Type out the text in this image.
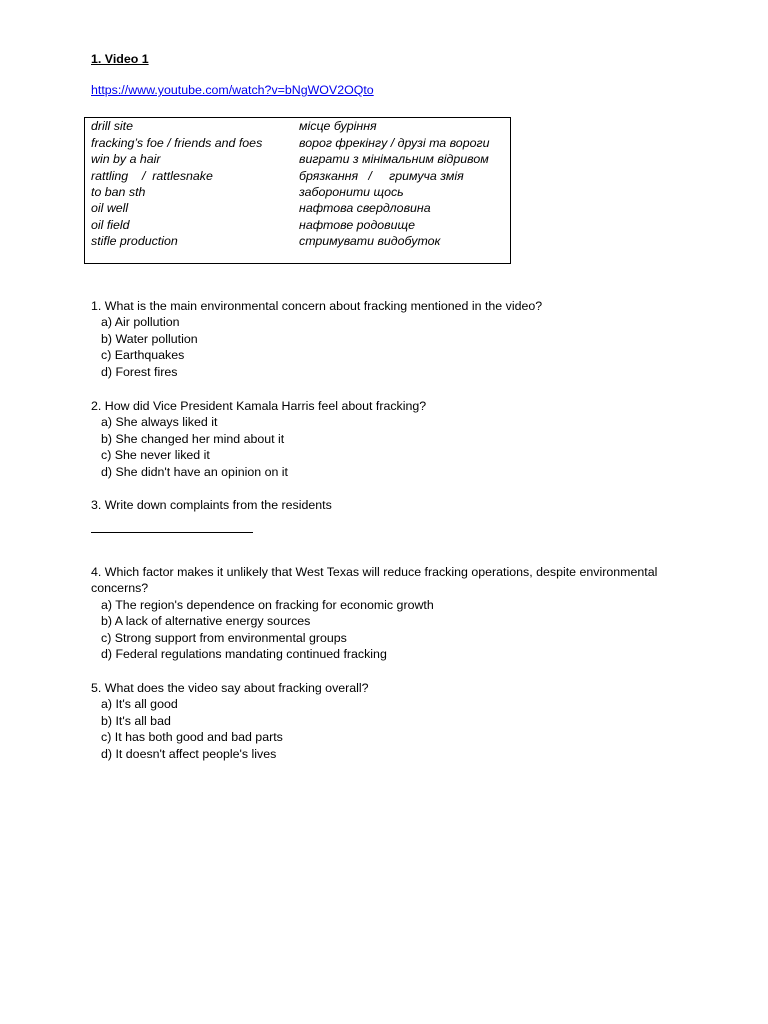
1. Video 1
https://www.youtube.com/watch?v=bNgWOV2OQto
drill site	місце буріння
fracking’s foe / friends and foes	ворог фрекінгу / друзі та вороги
win by a hair	виграти з мінімальним відривом
rattling    /  rattlesnake	брязкання   /     гримуча змія
to ban sth	заборонити щось
oil well	нафтова свердловина
oil field	нафтове родовище
stifle production	стримувати видобуток
1. What is the main environmental concern about fracking mentioned in the video?
a) Air pollution
b) Water pollution
c) Earthquakes
d) Forest fires
2. How did Vice President Kamala Harris feel about fracking?
a) She always liked it
b) She changed her mind about it
c) She never liked it
d) She didn't have an opinion on it
3. Write down complaints from the residents
4. Which factor makes it unlikely that West Texas will reduce fracking operations, despite environmental concerns?
a) The region's dependence on fracking for economic growth
b) A lack of alternative energy sources
c) Strong support from environmental groups
d) Federal regulations mandating continued fracking
5. What does the video say about fracking overall?
a) It's all good
b) It's all bad
c) It has both good and bad parts
d) It doesn't affect people's lives
